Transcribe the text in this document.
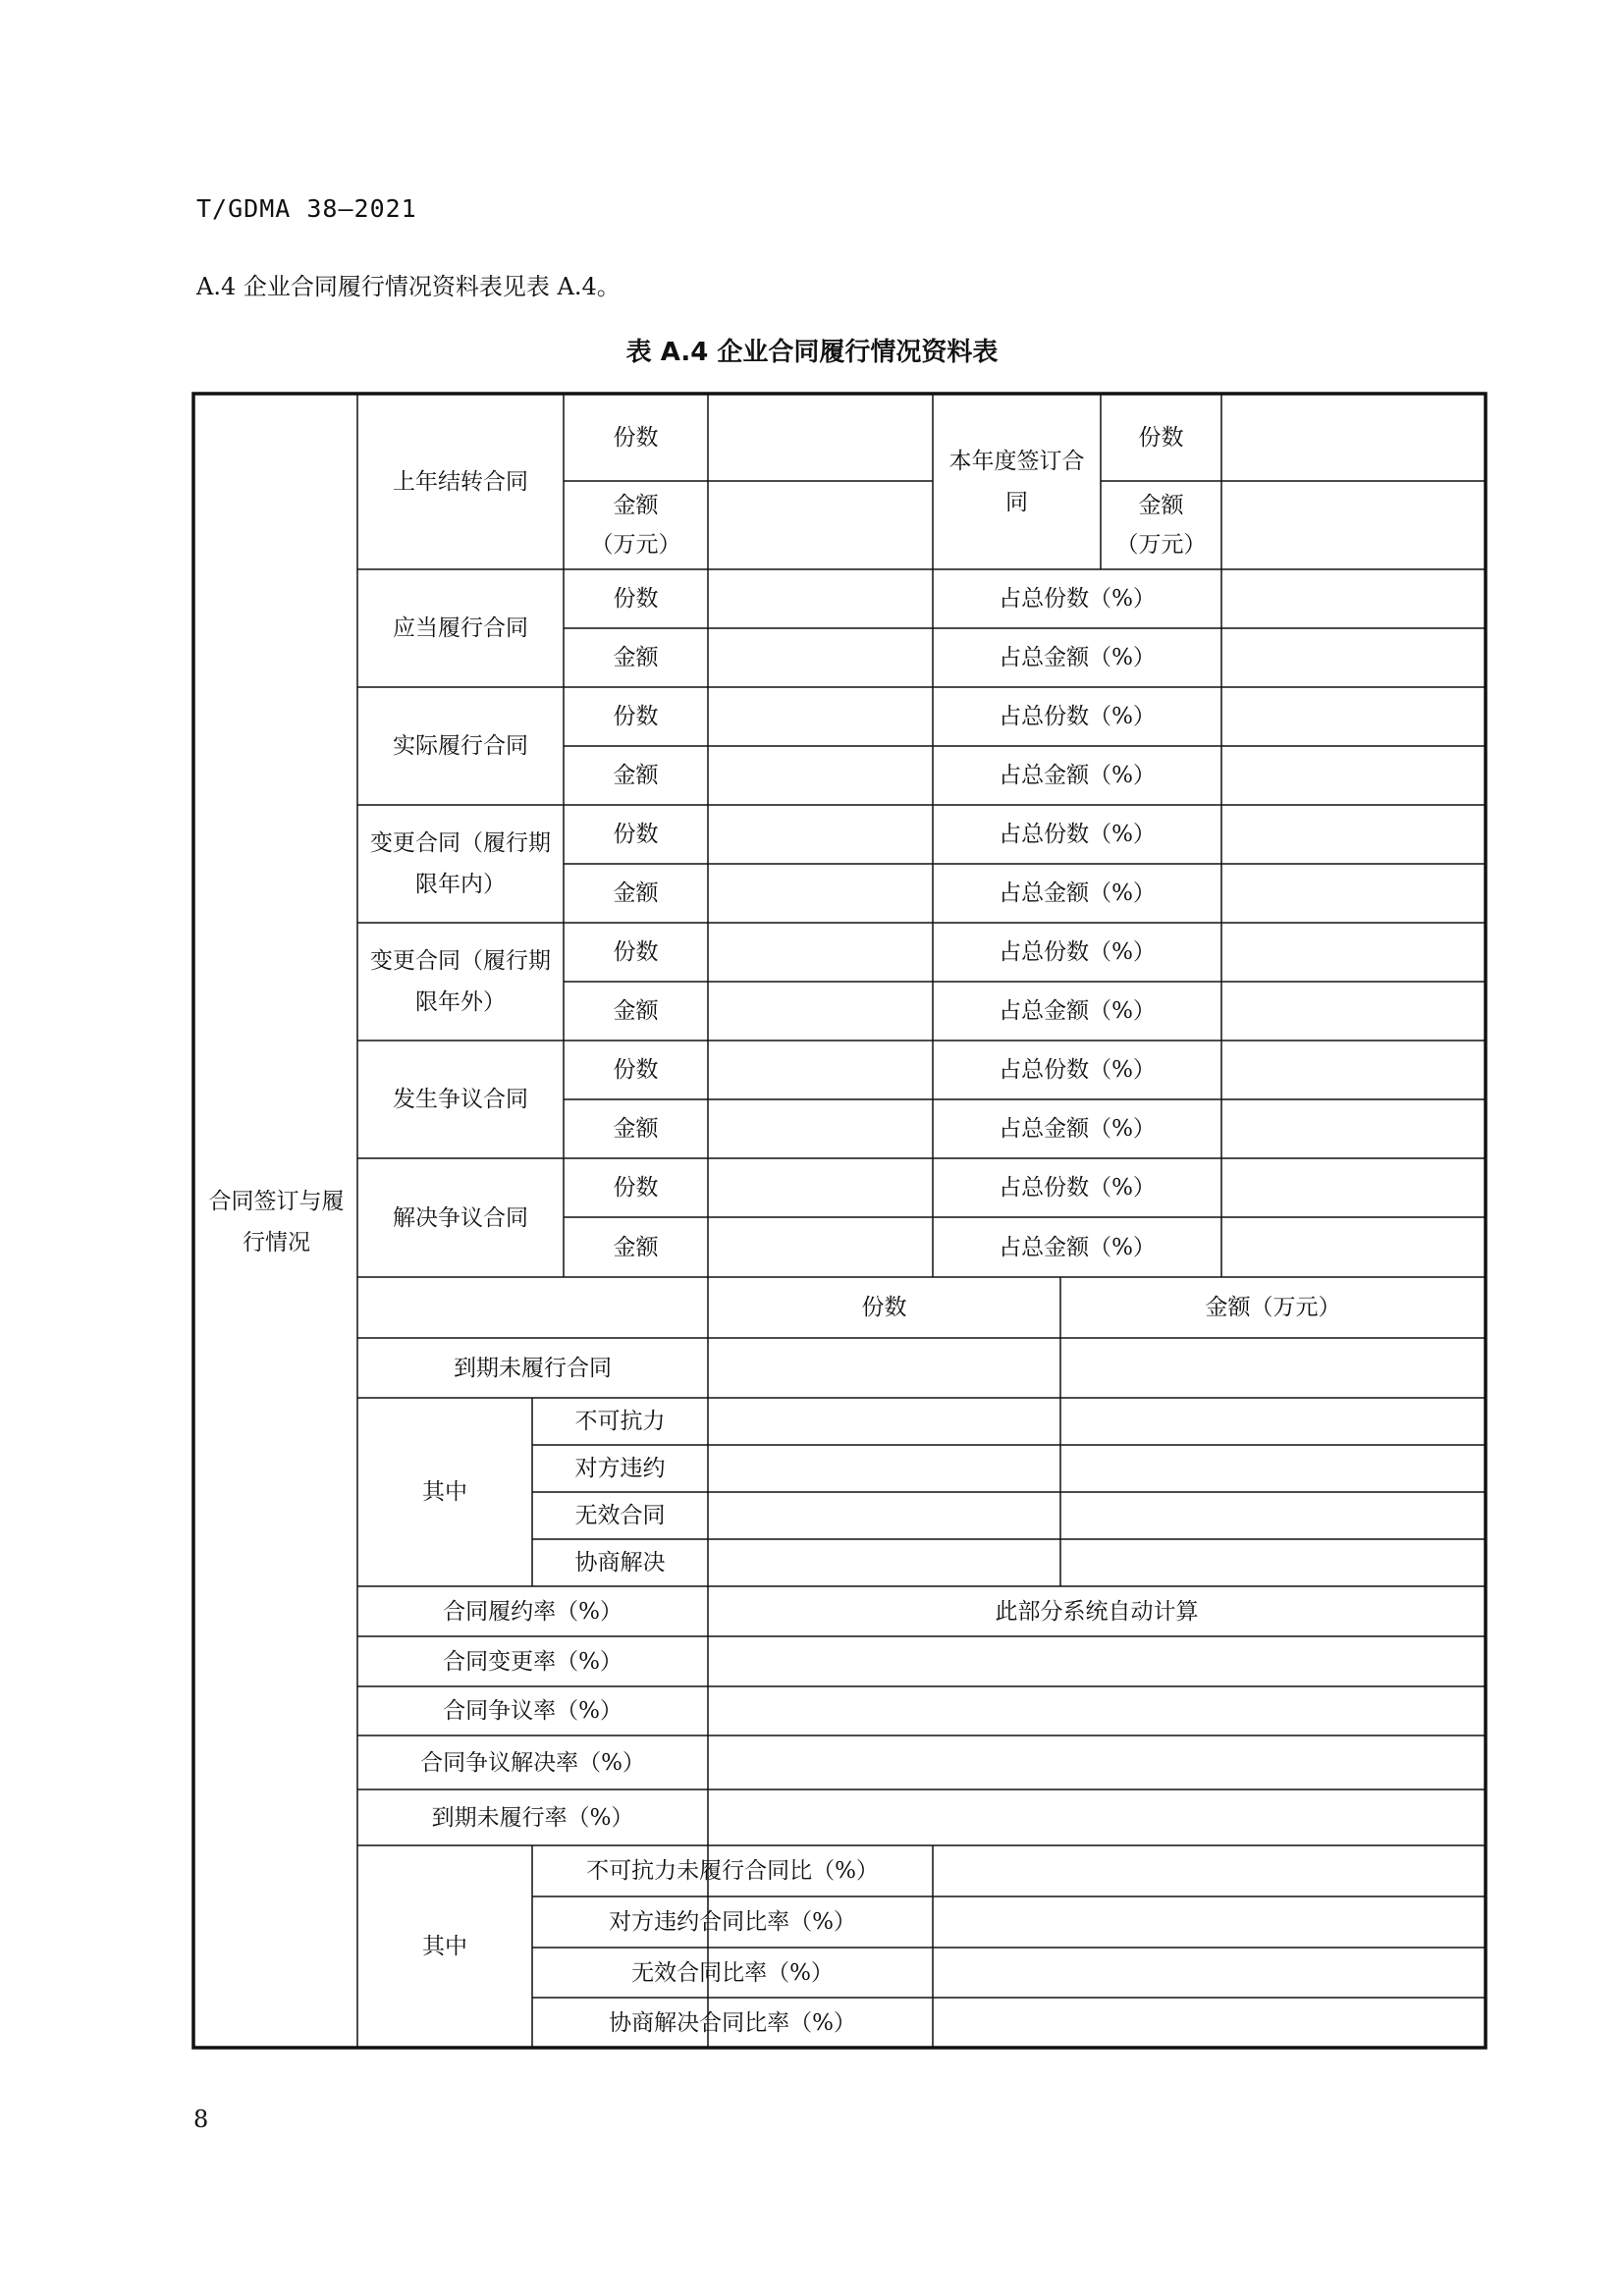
T/GDMA 38—2021
A.4 企业合同履行情况资料表见表 A.4。
表 A.4 企业合同履行情况资料表
合同签订与履行情况
上年结转合同
份数
金额
（万元）
本年度签订合同
份数
金额
（万元）
应当履行合同
份数
金额
占总份数（%）
占总金额（%）
实际履行合同
份数
金额
占总份数（%）
占总金额（%）
变更合同（履行期限年内）
份数
金额
占总份数（%）
占总金额（%）
变更合同（履行期限年外）
份数
金额
占总份数（%）
占总金额（%）
发生争议合同
份数
金额
占总份数（%）
占总金额（%）
解决争议合同
份数
金额
占总份数（%）
占总金额（%）
份数	金额（万元）
到期未履行合同
其中
不可抗力
对方违约
无效合同
协商解决
合同履约率（%）	此部分系统自动计算
合同变更率（%）
合同争议率（%）
合同争议解决率（%）
到期未履行率（%）
其中
不可抗力未履行合同比（%）
对方违约合同比率（%）
无效合同比率（%）
协商解决合同比率（%）
8
